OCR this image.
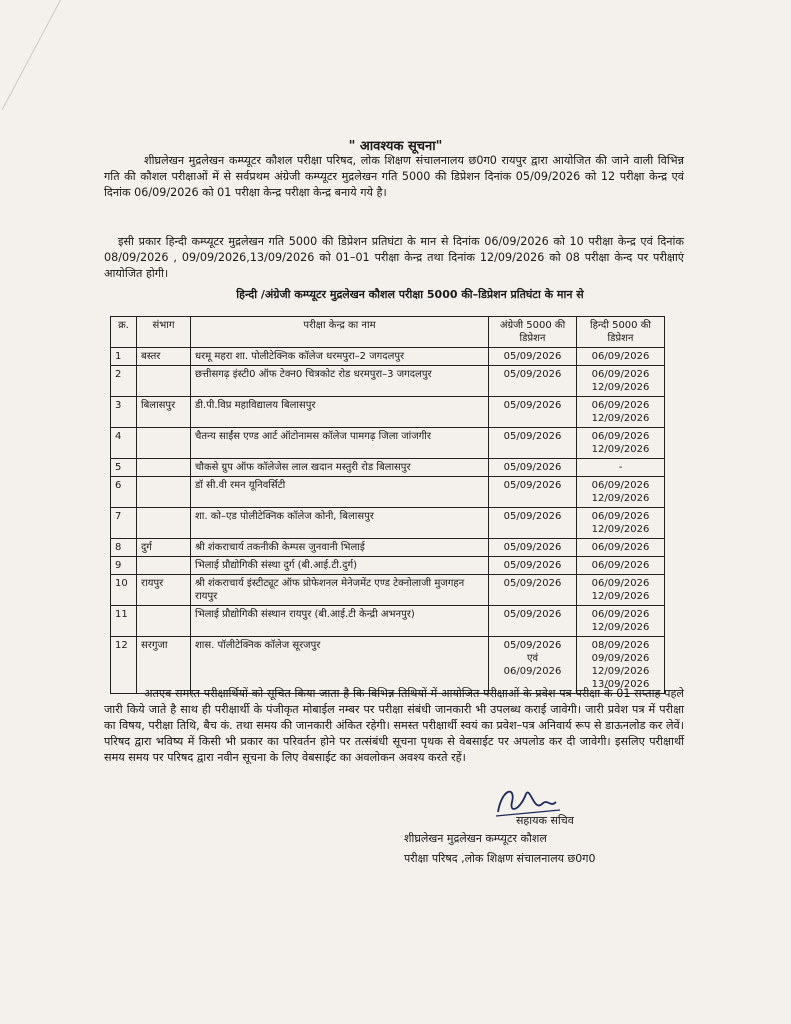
" आवश्यक सूचना"

शीघ्रलेखन मुद्रलेखन कम्प्यूटर कौशल परीक्षा परिषद, लोक शिक्षण संचालनालय छ0ग0 रायपुर द्वारा आयोजित की जाने वाली विभिन्न गति की कौशल परीक्षाओं में से सर्वप्रथम अंग्रेजी कम्प्यूटर मुद्रलेखन गति 5000 की डिप्रेशन दिनांक 05/09/2026 को 12 परीक्षा केन्द्र एवं दिनांक 06/09/2026 को 01 परीक्षा केन्द्र परीक्षा केन्द्र बनाये गये है।

इसी प्रकार हिन्दी कम्प्यूटर मुद्रलेखन गति 5000 की डिप्रेशन प्रतिघंटा के मान से दिनांक 06/09/2026 को 10 परीक्षा केन्द्र एवं दिनांक 08/09/2026 , 09/09/2026,13/09/2026 को 01–01 परीक्षा केन्द्र तथा दिनांक 12/09/2026 को 08 परीक्षा केन्द पर परीक्षाएं आयोजित होगी।

हिन्दी /अंग्रेजी कम्प्यूटर मुद्रलेखन कौशल परीक्षा 5000 की–डिप्रेशन प्रतिघंटा के मान से
क्र.	संभाग	परीक्षा केन्द्र का नाम	अंग्रेजी 5000 की डिप्रेशन	हिन्दी 5000 की डिप्रेशन
1	बस्तर	धरमू महरा शा. पोलीटेक्निक कॉलेज धरमपुरा–2 जगदलपुर	05/09/2026	06/09/2026
2		छत्तीसगढ़ इंस्टी0 ऑफ टेक्न0 चित्रकोट रोड धरमपुरा–3 जगदलपुर	05/09/2026	06/09/2026
12/09/2026
3	बिलासपुर	डी.पी.विप्र महाविद्यालय बिलासपुर	05/09/2026	06/09/2026
12/09/2026
4		चैतन्य साईंस एण्ड आर्ट ऑटोनामस कॉलेज पामगढ़ जिला जांजगीर	05/09/2026	06/09/2026
12/09/2026
5		चौकसे ग्रुप ऑफ कॉलेजेस लाल खदान मस्तुरी रोड बिलासपुर	05/09/2026	-
6		डॉ सी.वी रमन यूनिवर्सिटी	05/09/2026	06/09/2026
12/09/2026
7		शा. को–एड पोलीटेक्निक कॉलेज कोनी, बिलासपुर	05/09/2026	06/09/2026
12/09/2026
8	दुर्ग	श्री शंकराचार्य तकनीकी केम्पस जुनवानी भिलाई	05/09/2026	06/09/2026
9		भिलाई प्रौद्योगिकी संस्था दुर्ग (बी.आई.टी.दुर्ग)	05/09/2026	06/09/2026
10	रायपुर	श्री शंकराचार्य इंस्टीट्यूट ऑफ प्रोफेशनल मेनेजमेंट एण्ड टेक्नोलाजी मुजगहन रायपुर	05/09/2026	06/09/2026
12/09/2026
11		भिलाई प्रौद्योगिकी संस्थान रायपुर (बी.आई.टी केन्द्री अभनपुर)	05/09/2026	06/09/2026
12/09/2026
12	सरगुजा	शास. पॉलीटेक्निक कॉलेज सूरजपुर	05/09/2026
एवं
06/09/2026	08/09/2026
09/09/2026
12/09/2026
13/09/2026

अतएव समस्त परीक्षार्थियों को सूचित किया जाता है कि विभिन्न तिथियों में आयोजित परीक्षाओं के प्रवेश पत्र परीक्षा के 01 सप्ताह पहले जारी किये जाते है साथ ही परीक्षार्थी के पंजीकृत मोबाईल नम्बर पर परीक्षा संबंधी जानकारी भी उपलब्ध कराई जावेगी। जारी प्रवेश पत्र में परीक्षा का विषय, परीक्षा तिथि, बैच कं. तथा समय की जानकारी अंकित रहेगी। समस्त परीक्षार्थी स्वयं का प्रवेश–पत्र अनिवार्य रूप से डाऊनलोड कर लेवें। परिषद द्वारा भविष्य में किसी भी प्रकार का परिवर्तन होने पर तत्संबंधी सूचना पृथक से वेबसाईट पर अपलोड कर दी जावेगी। इसलिए परीक्षार्थी समय समय पर परिषद द्वारा नवीन सूचना के लिए वेबसाईट का अवलोकन अवश्य करते रहें।

सहायक सचिव
शीघ्रलेखन मुद्रलेखन कम्प्यूटर कौशल
परीक्षा परिषद ,लोक शिक्षण संचालनालय छ0ग0
